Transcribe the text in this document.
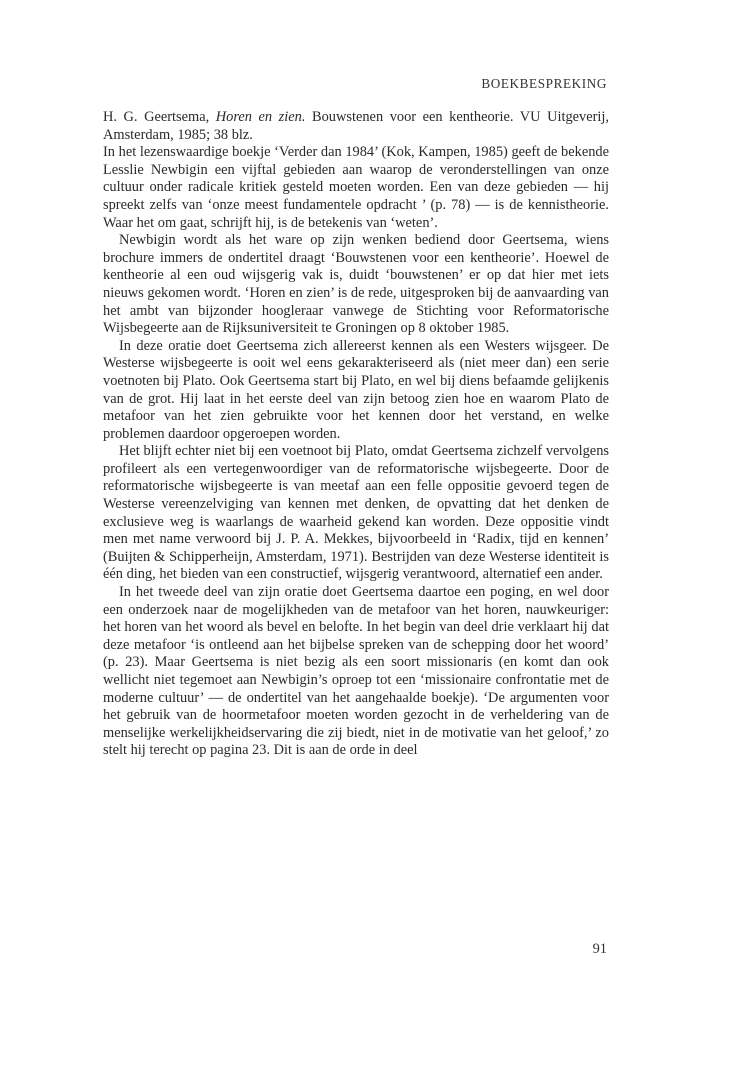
BOEKBESPREKING

H. G. Geertsema, Horen en zien. Bouwstenen voor een kentheorie. VU Uitgeverij, Amsterdam, 1985; 38 blz.

In het lezenswaardige boekje ‘Verder dan 1984’ (Kok, Kampen, 1985) geeft de bekende Lesslie Newbigin een vijftal gebieden aan waarop de veronderstellingen van onze cultuur onder radicale kritiek gesteld moeten worden. Een van deze gebieden — hij spreekt zelfs van ‘onze meest fundamentele opdracht ’ (p. 78) — is de kennistheorie. Waar het om gaat, schrijft hij, is de betekenis van ‘weten’.

Newbigin wordt als het ware op zijn wenken bediend door Geertsema, wiens brochure immers de ondertitel draagt ‘Bouwstenen voor een kentheorie’. Hoewel de kentheorie al een oud wijsgerig vak is, duidt ‘bouwstenen’ er op dat hier met iets nieuws gekomen wordt. ‘Horen en zien’ is de rede, uitgesproken bij de aanvaarding van het ambt van bijzonder hoogleraar vanwege de Stichting voor Reformatorische Wijsbegeerte aan de Rijksuniversiteit te Groningen op 8 oktober 1985.

In deze oratie doet Geertsema zich allereerst kennen als een Westers wijsgeer. De Westerse wijsbegeerte is ooit wel eens gekarakteriseerd als (niet meer dan) een serie voetnoten bij Plato. Ook Geertsema start bij Plato, en wel bij diens befaamde gelijkenis van de grot. Hij laat in het eerste deel van zijn betoog zien hoe en waarom Plato de metafoor van het zien gebruikte voor het kennen door het verstand, en welke problemen daardoor opgeroepen worden.

Het blijft echter niet bij een voetnoot bij Plato, omdat Geertsema zichzelf vervolgens profileert als een vertegenwoordiger van de reformatorische wijsbegeerte. Door de reformatorische wijsbegeerte is van meetaf aan een felle oppositie gevoerd tegen de Westerse vereenzelviging van kennen met denken, de opvatting dat het denken de exclusieve weg is waarlangs de waarheid gekend kan worden. Deze oppositie vindt men met name verwoord bij J. P. A. Mekkes, bijvoorbeeld in ‘Radix, tijd en kennen’ (Buijten & Schipperheijn, Amsterdam, 1971). Bestrijden van deze Westerse identiteit is één ding, het bieden van een constructief, wijsgerig verantwoord, alternatief een ander.

In het tweede deel van zijn oratie doet Geertsema daartoe een poging, en wel door een onderzoek naar de mogelijkheden van de metafoor van het horen, nauwkeuriger: het horen van het woord als bevel en belofte. In het begin van deel drie verklaart hij dat deze metafoor ‘is ontleend aan het bijbelse spreken van de schepping door het woord’ (p. 23). Maar Geertsema is niet bezig als een soort missionaris (en komt dan ook wellicht niet tegemoet aan Newbigin’s oproep tot een ‘missionaire confrontatie met de moderne cultuur’ — de ondertitel van het aangehaalde boekje). ‘De argumenten voor het gebruik van de hoormetafoor moeten worden gezocht in de verheldering van de menselijke werkelijkheidservaring die zij biedt, niet in de motivatie van het geloof,’ zo stelt hij terecht op pagina 23. Dit is aan de orde in deel

91
